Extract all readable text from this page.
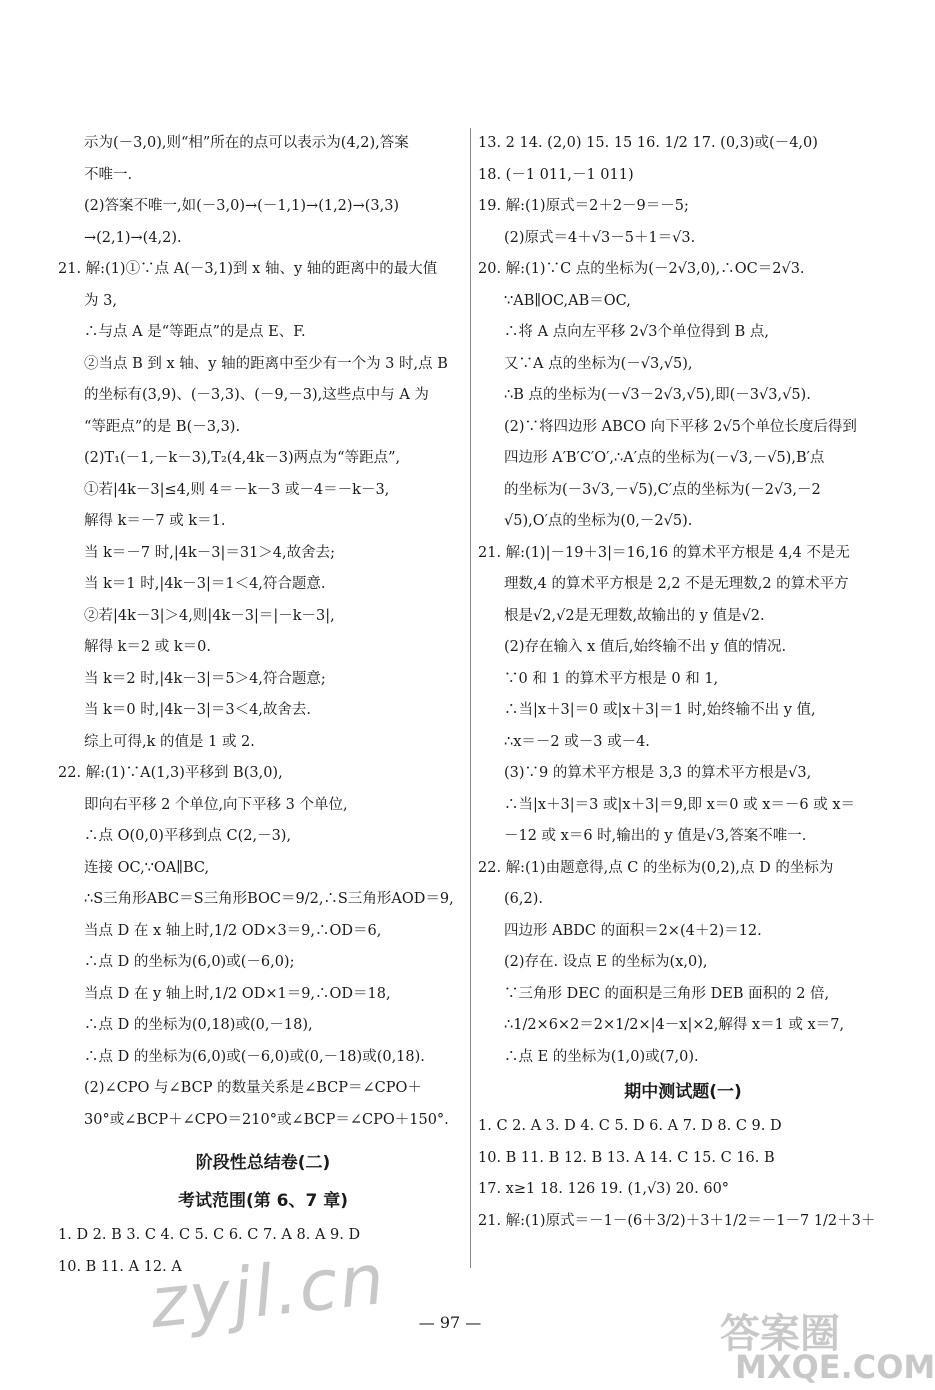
示为(－3,0),则“相”所在的点可以表示为(4,2),答案
不唯一.
(2)答案不唯一,如(－3,0)→(－1,1)→(1,2)→(3,3)
→(2,1)→(4,2).
21. 解:(1)①∵点 A(－3,1)到 x 轴、y 轴的距离中的最大值
为 3,
∴与点 A 是“等距点”的是点 E、F.
②当点 B 到 x 轴、y 轴的距离中至少有一个为 3 时,点 B
的坐标有(3,9)、(－3,3)、(－9,－3),这些点中与 A 为
“等距点”的是 B(－3,3).
(2)T₁(－1,－k－3),T₂(4,4k－3)两点为“等距点”,
①若|4k－3|≤4,则 4＝－k－3 或－4＝－k－3,
解得 k＝－7 或 k＝1.
当 k＝－7 时,|4k－3|＝31＞4,故舍去;
当 k＝1 时,|4k－3|＝1＜4,符合题意.
②若|4k－3|＞4,则|4k－3|＝|－k－3|,
解得 k＝2 或 k＝0.
当 k＝2 时,|4k－3|＝5＞4,符合题意;
当 k＝0 时,|4k－3|＝3＜4,故舍去.
综上可得,k 的值是 1 或 2.
22. 解:(1)∵A(1,3)平移到 B(3,0),
即向右平移 2 个单位,向下平移 3 个单位,
∴点 O(0,0)平移到点 C(2,－3),
连接 OC,∵OA∥BC,
∴S三角形ABC＝S三角形BOC＝9/2,∴S三角形AOD＝9,
当点 D 在 x 轴上时,1/2 OD×3＝9,∴OD＝6,
∴点 D 的坐标为(6,0)或(－6,0);
当点 D 在 y 轴上时,1/2 OD×1＝9,∴OD＝18,
∴点 D 的坐标为(0,18)或(0,－18),
∴点 D 的坐标为(6,0)或(－6,0)或(0,－18)或(0,18).
(2)∠CPO 与∠BCP 的数量关系是∠BCP＝∠CPO＋
30°或∠BCP＋∠CPO＝210°或∠BCP＝∠CPO＋150°.
阶段性总结卷(二)
考试范围(第 6、7 章)
1. D 2. B 3. C 4. C 5. C 6. C 7. A 8. A 9. D
10. B 11. A 12. A
13. 2 14. (2,0) 15. 15 16. 1/2 17. (0,3)或(－4,0)
18. (－1 011,－1 011)
19. 解:(1)原式＝2＋2－9＝－5;
(2)原式＝4＋√3－5＋1＝√3.
20. 解:(1)∵C 点的坐标为(－2√3,0),∴OC＝2√3.
∵AB∥OC,AB＝OC,
∴将 A 点向左平移 2√3个单位得到 B 点,
又∵A 点的坐标为(－√3,√5),
∴B 点的坐标为(－√3－2√3,√5),即(－3√3,√5).
(2)∵将四边形 ABCO 向下平移 2√5个单位长度后得到
四边形 A′B′C′O′,∴A′点的坐标为(－√3,－√5),B′点
的坐标为(－3√3,－√5),C′点的坐标为(－2√3,－2
√5),O′点的坐标为(0,－2√5).
21. 解:(1)|－19＋3|＝16,16 的算术平方根是 4,4 不是无
理数,4 的算术平方根是 2,2 不是无理数,2 的算术平方
根是√2,√2是无理数,故输出的 y 值是√2.
(2)存在输入 x 值后,始终输不出 y 值的情况.
∵0 和 1 的算术平方根是 0 和 1,
∴当|x＋3|＝0 或|x＋3|＝1 时,始终输不出 y 值,
∴x＝－2 或－3 或－4.
(3)∵9 的算术平方根是 3,3 的算术平方根是√3,
∴当|x＋3|＝3 或|x＋3|＝9,即 x＝0 或 x＝－6 或 x＝
－12 或 x＝6 时,输出的 y 值是√3,答案不唯一.
22. 解:(1)由题意得,点 C 的坐标为(0,2),点 D 的坐标为
(6,2).
四边形 ABDC 的面积＝2×(4＋2)＝12.
(2)存在. 设点 E 的坐标为(x,0),
∵三角形 DEC 的面积是三角形 DEB 面积的 2 倍,
∴1/2×6×2＝2×1/2×|4－x|×2,解得 x＝1 或 x＝7,
∴点 E 的坐标为(1,0)或(7,0).
期中测试题(一)
1. C 2. A 3. D 4. C 5. D 6. A 7. D 8. C 9. D
10. B 11. B 12. B 13. A 14. C 15. C 16. B
17. x≥1 18. 126 19. (1,√3) 20. 60°
21. 解:(1)原式＝－1－(6＋3/2)＋3＋1/2＝－1－7 1/2＋3＋
— 97 —
zyjl.cn	答案圈
MXQE.COM
